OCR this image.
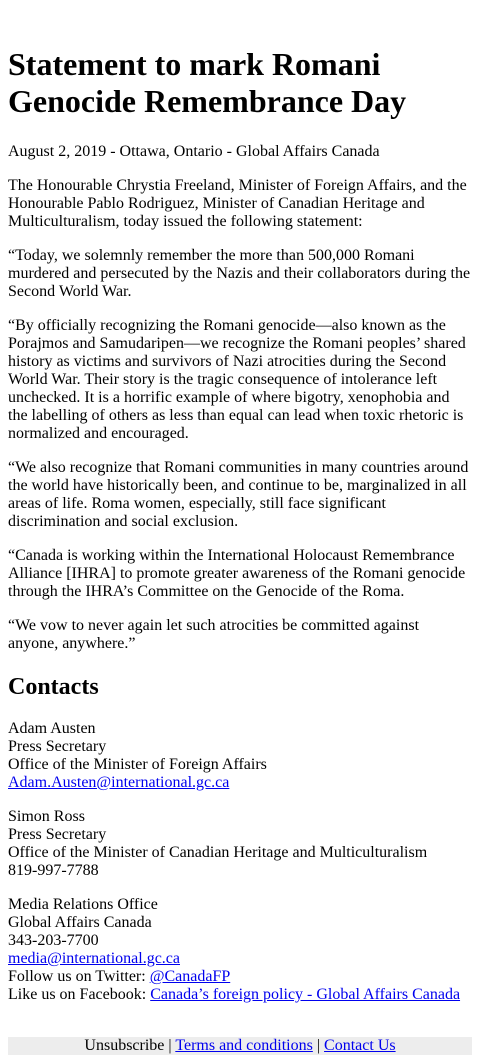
Statement to mark Romani Genocide Remembrance Day

August 2, 2019 - Ottawa, Ontario - Global Affairs Canada

The Honourable Chrystia Freeland, Minister of Foreign Affairs, and the Honourable Pablo Rodriguez, Minister of Canadian Heritage and Multiculturalism, today issued the following statement:

“Today, we solemnly remember the more than 500,000 Romani murdered and persecuted by the Nazis and their collaborators during the Second World War.

“By officially recognizing the Romani genocide—also known as the Porajmos and Samudaripen—we recognize the Romani peoples’ shared history as victims and survivors of Nazi atrocities during the Second World War. Their story is the tragic consequence of intolerance left unchecked. It is a horrific example of where bigotry, xenophobia and the labelling of others as less than equal can lead when toxic rhetoric is normalized and encouraged.

“We also recognize that Romani communities in many countries around the world have historically been, and continue to be, marginalized in all areas of life. Roma women, especially, still face significant discrimination and social exclusion.

“Canada is working within the International Holocaust Remembrance Alliance [IHRA] to promote greater awareness of the Romani genocide through the IHRA’s Committee on the Genocide of the Roma.

“We vow to never again let such atrocities be committed against anyone, anywhere.”

Contacts
Adam Austen
Press Secretary
Office of the Minister of Foreign Affairs
Adam.Austen@international.gc.ca
Simon Ross
Press Secretary
Office of the Minister of Canadian Heritage and Multiculturalism
819-997-7788
Media Relations Office
Global Affairs Canada
343-203-7700
media@international.gc.ca
Follow us on Twitter: @CanadaFP
Like us on Facebook: Canada’s foreign policy - Global Affairs Canada
Unsubscribe | Terms and conditions | Contact Us
